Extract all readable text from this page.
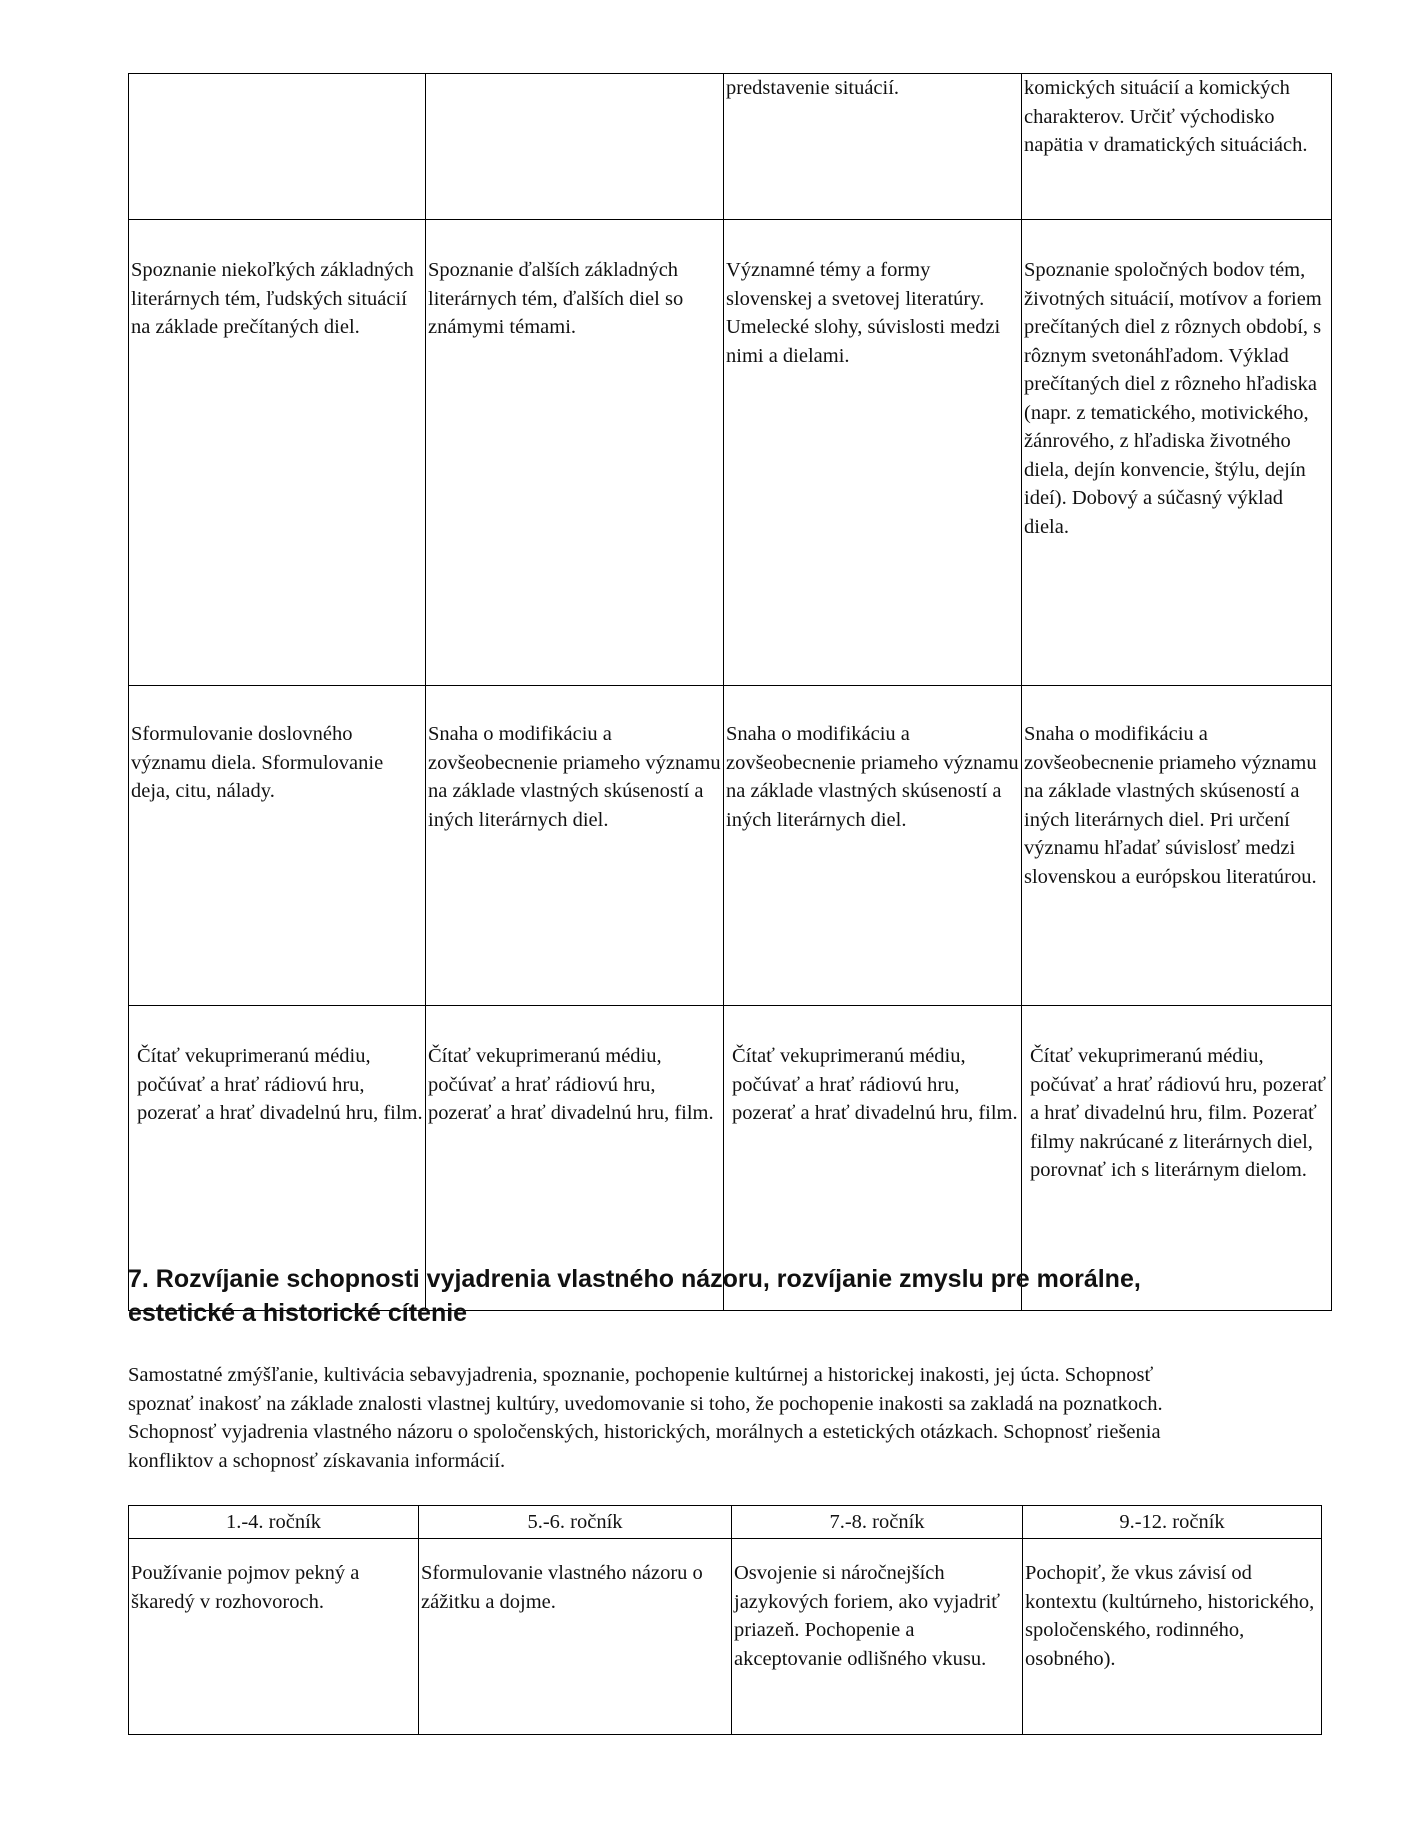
		predstavenie situácií.	komických situácií a komických charakterov. Určiť východisko napätia v dramatických situáciách.
Spoznanie niekoľkých základných literárnych tém, ľudských situácií na základe prečítaných diel.	Spoznanie ďalších základných literárnych tém, ďalších diel so známymi témami.	Významné témy a formy slovenskej a svetovej literatúry. Umelecké slohy, súvislosti medzi nimi a dielami.	Spoznanie spoločných bodov tém, životných situácií, motívov a foriem prečítaných diel z rôznych období, s rôznym svetonáhľadom. Výklad prečítaných diel z rôzneho hľadiska (napr. z tematického, motivického, žánrového, z hľadiska životného diela, dejín konvencie, štýlu, dejín ideí). Dobový a súčasný výklad diela.
Sformulovanie doslovného významu diela. Sformulovanie deja, citu, nálady.	Snaha o modifikáciu a zovšeobecnenie priameho významu na základe vlastných skúseností a iných literárnych diel.	Snaha o modifikáciu a zovšeobecnenie priameho významu na základe vlastných skúseností a iných literárnych diel.	Snaha o modifikáciu a zovšeobecnenie priameho významu na základe vlastných skúseností a iných literárnych diel. Pri určení významu hľadať súvislosť medzi slovenskou a európskou literatúrou.
Čítať vekuprimeranú médiu, počúvať a hrať rádiovú hru, pozerať a hrať divadelnú hru, film.	Čítať vekuprimeranú médiu, počúvať a hrať rádiovú hru, pozerať a hrať divadelnú hru, film.	Čítať vekuprimeranú médiu, počúvať a hrať rádiovú hru, pozerať a hrať divadelnú hru, film.	Čítať vekuprimeranú médiu, počúvať a hrať rádiovú hru, pozerať a hrať divadelnú hru, film. Pozerať filmy nakrúcané z literárnych diel, porovnať ich s literárnym dielom.
7. Rozvíjanie schopnosti vyjadrenia vlastného názoru, rozvíjanie zmyslu pre morálne,
estetické a historické cítenie

Samostatné zmýšľanie, kultivácia sebavyjadrenia, spoznanie, pochopenie kultúrnej a historickej inakosti, jej úcta. Schopnosť spoznať inakosť na základe znalosti vlastnej kultúry, uvedomovanie si toho, že pochopenie inakosti sa zakladá na poznatkoch. Schopnosť vyjadrenia vlastného názoru o spoločenských, historických, morálnych a estetických otázkach. Schopnosť riešenia konfliktov a schopnosť získavania informácií.

1.-4. ročník	5.-6. ročník	7.-8. ročník	9.-12. ročník
Používanie pojmov pekný a škaredý v rozhovoroch.	Sformulovanie vlastného názoru o zážitku a dojme.	Osvojenie si náročnejších jazykových foriem, ako vyjadriť priazeň. Pochopenie a akceptovanie odlišného vkusu.	Pochopiť, že vkus závisí od kontextu (kultúrneho, historického, spoločenského, rodinného, osobného).
